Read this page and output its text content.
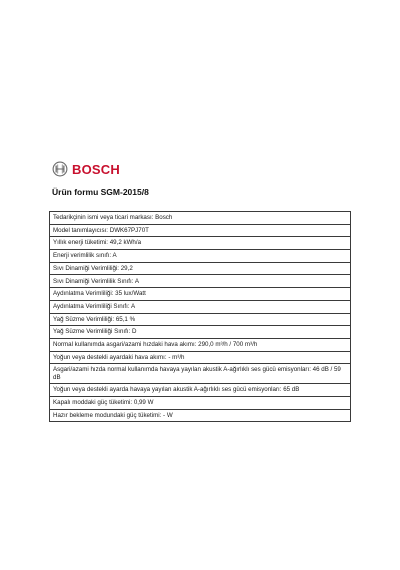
BOSCH
Ürün formu SGM-2015/8
Tedarikçinin ismi veya ticari markası: Bosch
Model tanımlayıcısı: DWK67PJ70T
Yıllık enerji tüketimi: 49,2 kWh/a
Enerji verimlilik sınıfı: A
Sıvı Dinamiği Verimliliği: 29,2
Sıvı Dinamiği Verimlilik Sınıfı: A
Aydınlatma Verimliliği: 35 lux/Watt
Aydınlatma Verimliliği Sınıfı: A
Yağ Süzme Verimliliği: 65,1 %
Yağ Süzme Verimliliği Sınıfı: D
Normal kullanımda asgari/azami hızdaki hava akımı: 290,0 m³/h / 700 m³/h
Yoğun veya destekli ayardaki hava akımı: - m³/h
Asgari/azami hızda normal kullanımda havaya yayılan akustik A-ağırlıklı ses gücü emisyonları: 46 dB / 59 dB
Yoğun veya destekli ayarda havaya yayılan akustik A-ağırlıklı ses gücü emisyonları: 65 dB
Kapalı moddaki güç tüketimi: 0,99 W
Hazır bekleme modundaki güç tüketimi: - W
